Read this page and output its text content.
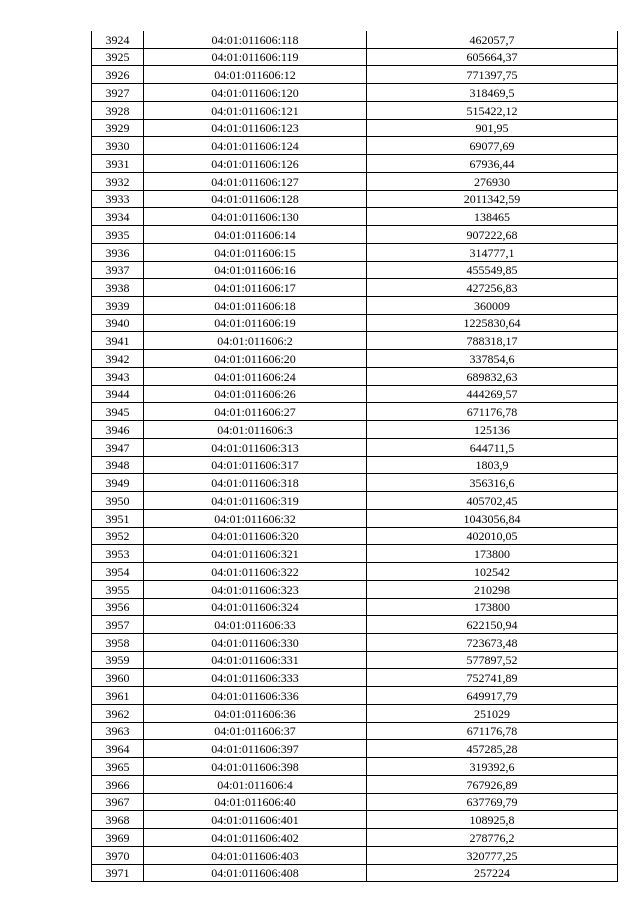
3924	04:01:011606:118	462057,7
3925	04:01:011606:119	605664,37
3926	04:01:011606:12	771397,75
3927	04:01:011606:120	318469,5
3928	04:01:011606:121	515422,12
3929	04:01:011606:123	901,95
3930	04:01:011606:124	69077,69
3931	04:01:011606:126	67936,44
3932	04:01:011606:127	276930
3933	04:01:011606:128	2011342,59
3934	04:01:011606:130	138465
3935	04:01:011606:14	907222,68
3936	04:01:011606:15	314777,1
3937	04:01:011606:16	455549,85
3938	04:01:011606:17	427256,83
3939	04:01:011606:18	360009
3940	04:01:011606:19	1225830,64
3941	04:01:011606:2	788318,17
3942	04:01:011606:20	337854,6
3943	04:01:011606:24	689832,63
3944	04:01:011606:26	444269,57
3945	04:01:011606:27	671176,78
3946	04:01:011606:3	125136
3947	04:01:011606:313	644711,5
3948	04:01:011606:317	1803,9
3949	04:01:011606:318	356316,6
3950	04:01:011606:319	405702,45
3951	04:01:011606:32	1043056,84
3952	04:01:011606:320	402010,05
3953	04:01:011606:321	173800
3954	04:01:011606:322	102542
3955	04:01:011606:323	210298
3956	04:01:011606:324	173800
3957	04:01:011606:33	622150,94
3958	04:01:011606:330	723673,48
3959	04:01:011606:331	577897,52
3960	04:01:011606:333	752741,89
3961	04:01:011606:336	649917,79
3962	04:01:011606:36	251029
3963	04:01:011606:37	671176,78
3964	04:01:011606:397	457285,28
3965	04:01:011606:398	319392,6
3966	04:01:011606:4	767926,89
3967	04:01:011606:40	637769,79
3968	04:01:011606:401	108925,8
3969	04:01:011606:402	278776,2
3970	04:01:011606:403	320777,25
3971	04:01:011606:408	257224
